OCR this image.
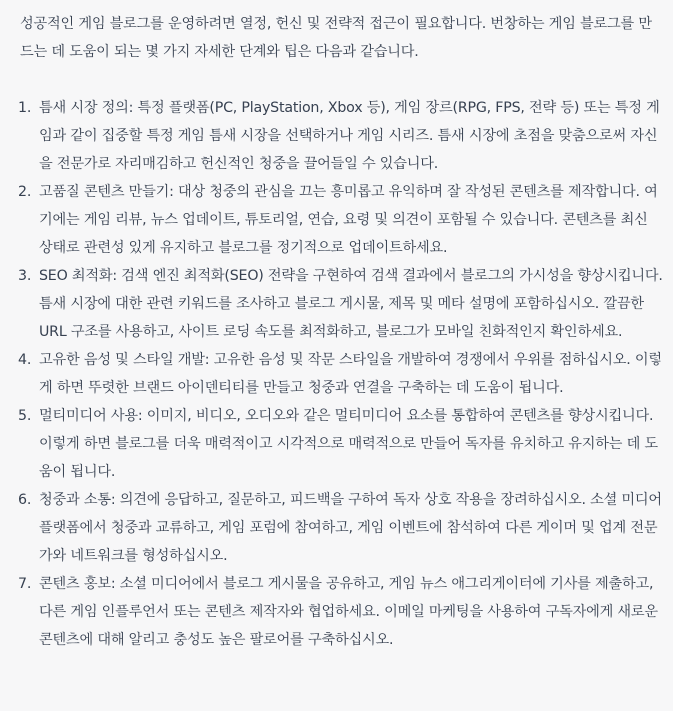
성공적인 게임 블로그를 운영하려면 열정, 헌신 및 전략적 접근이 필요합니다. 번창하는 게임 블로그를 만드는 데 도움이 되는 몇 가지 자세한 단계와 팁은 다음과 같습니다.

1. 틈새 시장 정의: 특정 플랫폼(PC, PlayStation, Xbox 등), 게임 장르(RPG, FPS, 전략 등) 또는 특정 게임과 같이 집중할 특정 게임 틈새 시장을 선택하거나 게임 시리즈. 틈새 시장에 초점을 맞춤으로써 자신을 전문가로 자리매김하고 헌신적인 청중을 끌어들일 수 있습니다.
2. 고품질 콘텐츠 만들기: 대상 청중의 관심을 끄는 흥미롭고 유익하며 잘 작성된 콘텐츠를 제작합니다. 여기에는 게임 리뷰, 뉴스 업데이트, 튜토리얼, 연습, 요령 및 의견이 포함될 수 있습니다. 콘텐츠를 최신 상태로 관련성 있게 유지하고 블로그를 정기적으로 업데이트하세요.
3. SEO 최적화: 검색 엔진 최적화(SEO) 전략을 구현하여 검색 결과에서 블로그의 가시성을 향상시킵니다. 틈새 시장에 대한 관련 키워드를 조사하고 블로그 게시물, 제목 및 메타 설명에 포함하십시오. 깔끔한 URL 구조를 사용하고, 사이트 로딩 속도를 최적화하고, 블로그가 모바일 친화적인지 확인하세요.
4. 고유한 음성 및 스타일 개발: 고유한 음성 및 작문 스타일을 개발하여 경쟁에서 우위를 점하십시오. 이렇게 하면 뚜렷한 브랜드 아이덴티티를 만들고 청중과 연결을 구축하는 데 도움이 됩니다.
5. 멀티미디어 사용: 이미지, 비디오, 오디오와 같은 멀티미디어 요소를 통합하여 콘텐츠를 향상시킵니다. 이렇게 하면 블로그를 더욱 매력적이고 시각적으로 매력적으로 만들어 독자를 유치하고 유지하는 데 도움이 됩니다.
6. 청중과 소통: 의견에 응답하고, 질문하고, 피드백을 구하여 독자 상호 작용을 장려하십시오. 소셜 미디어 플랫폼에서 청중과 교류하고, 게임 포럼에 참여하고, 게임 이벤트에 참석하여 다른 게이머 및 업계 전문가와 네트워크를 형성하십시오.
7. 콘텐츠 홍보: 소셜 미디어에서 블로그 게시물을 공유하고, 게임 뉴스 애그리게이터에 기사를 제출하고, 다른 게임 인플루언서 또는 콘텐츠 제작자와 협업하세요. 이메일 마케팅을 사용하여 구독자에게 새로운 콘텐츠에 대해 알리고 충성도 높은 팔로어를 구축하십시오.
